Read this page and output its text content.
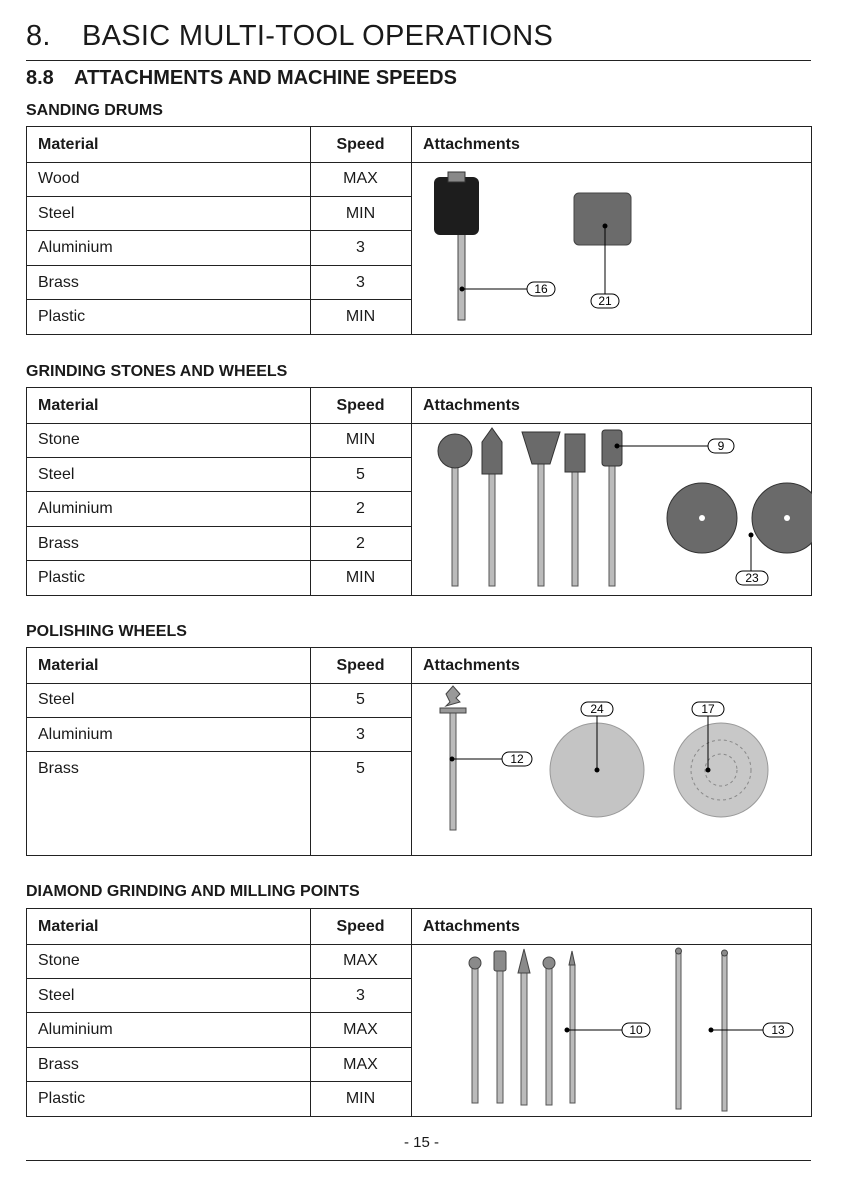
8. BASIC MULTI-TOOL OPERATIONS
8.8 ATTACHMENTS AND MACHINE SPEEDS
SANDING DRUMS
Material	Speed	Attachments
Wood	MAX
Steel	MIN
Aluminium	3
Brass	3
Plastic	MIN
16
21
GRINDING STONES AND WHEELS
Material	Speed	Attachments
Stone	MIN
Steel	5
Aluminium	2
Brass	2
Plastic	MIN
9
23
POLISHING WHEELS
Material	Speed	Attachments
Steel	5
Aluminium	3
Brass	5
12
24	17
DIAMOND GRINDING AND MILLING POINTS
Material	Speed	Attachments
Stone	MAX
Steel	3
Aluminium	MAX
Brass	MAX
Plastic	MIN
10	13
- 15 -
